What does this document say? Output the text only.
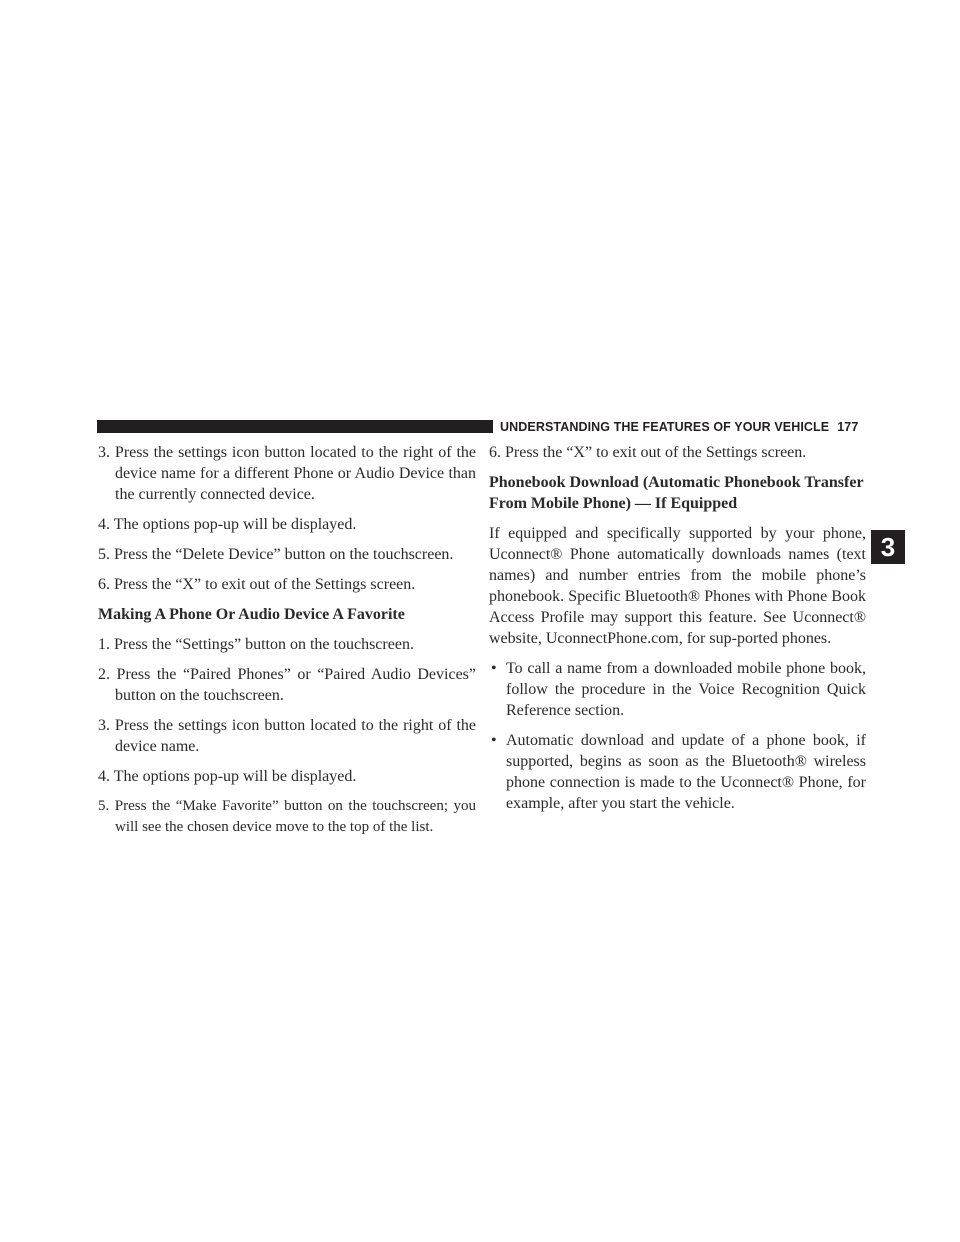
UNDERSTANDING THE FEATURES OF YOUR VEHICLE 177
3

3. Press the settings icon button located to the right of the device name for a different Phone or Audio Device than the currently connected device.

4. The options pop-up will be displayed.

5. Press the “Delete Device” button on the touchscreen.

6. Press the “X” to exit out of the Settings screen.

Making A Phone Or Audio Device A Favorite

1. Press the “Settings” button on the touchscreen.

2. Press the “Paired Phones” or “Paired Audio Devices” button on the touchscreen.

3. Press the settings icon button located to the right of the device name.

4. The options pop-up will be displayed.

5. Press the “Make Favorite” button on the touchscreen; you will see the chosen device move to the top of the list.

6. Press the “X” to exit out of the Settings screen.

Phonebook Download (Automatic Phonebook Transfer From Mobile Phone) — If Equipped

If equipped and specifically supported by your phone, Uconnect® Phone automatically downloads names (text names) and number entries from the mobile phone’s phonebook. Specific Bluetooth® Phones with Phone Book Access Profile may support this feature. See Uconnect® website, UconnectPhone.com, for sup-ported phones.

• To call a name from a downloaded mobile phone book, follow the procedure in the Voice Recognition Quick Reference section.
• Automatic download and update of a phone book, if supported, begins as soon as the Bluetooth® wireless phone connection is made to the Uconnect® Phone, for example, after you start the vehicle.
